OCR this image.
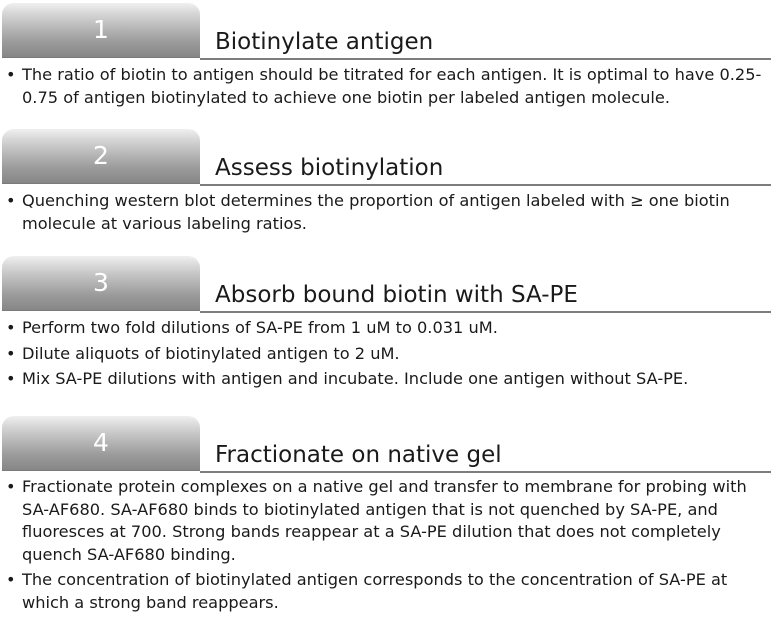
1	Biotinylate antigen
• The ratio of biotin to antigen should be titrated for each antigen. It is optimal to have 0.25-0.75 of antigen biotinylated to achieve one biotin per labeled antigen molecule.
2	Assess biotinylation
• Quenching western blot determines the proportion of antigen labeled with ≥ one biotin molecule at various labeling ratios.
3	Absorb bound biotin with SA-PE
• Perform two fold dilutions of SA-PE from 1 uM to 0.031 uM.
• Dilute aliquots of biotinylated antigen to 2 uM.
• Mix SA-PE dilutions with antigen and incubate. Include one antigen without SA-PE.
4	Fractionate on native gel
• Fractionate protein complexes on a native gel and transfer to membrane for probing with SA-AF680. SA-AF680 binds to biotinylated antigen that is not quenched by SA-PE, and fluoresces at 700. Strong bands reappear at a SA-PE dilution that does not completely quench SA-AF680 binding.
• The concentration of biotinylated antigen corresponds to the concentration of SA-PE at which a strong band reappears.
